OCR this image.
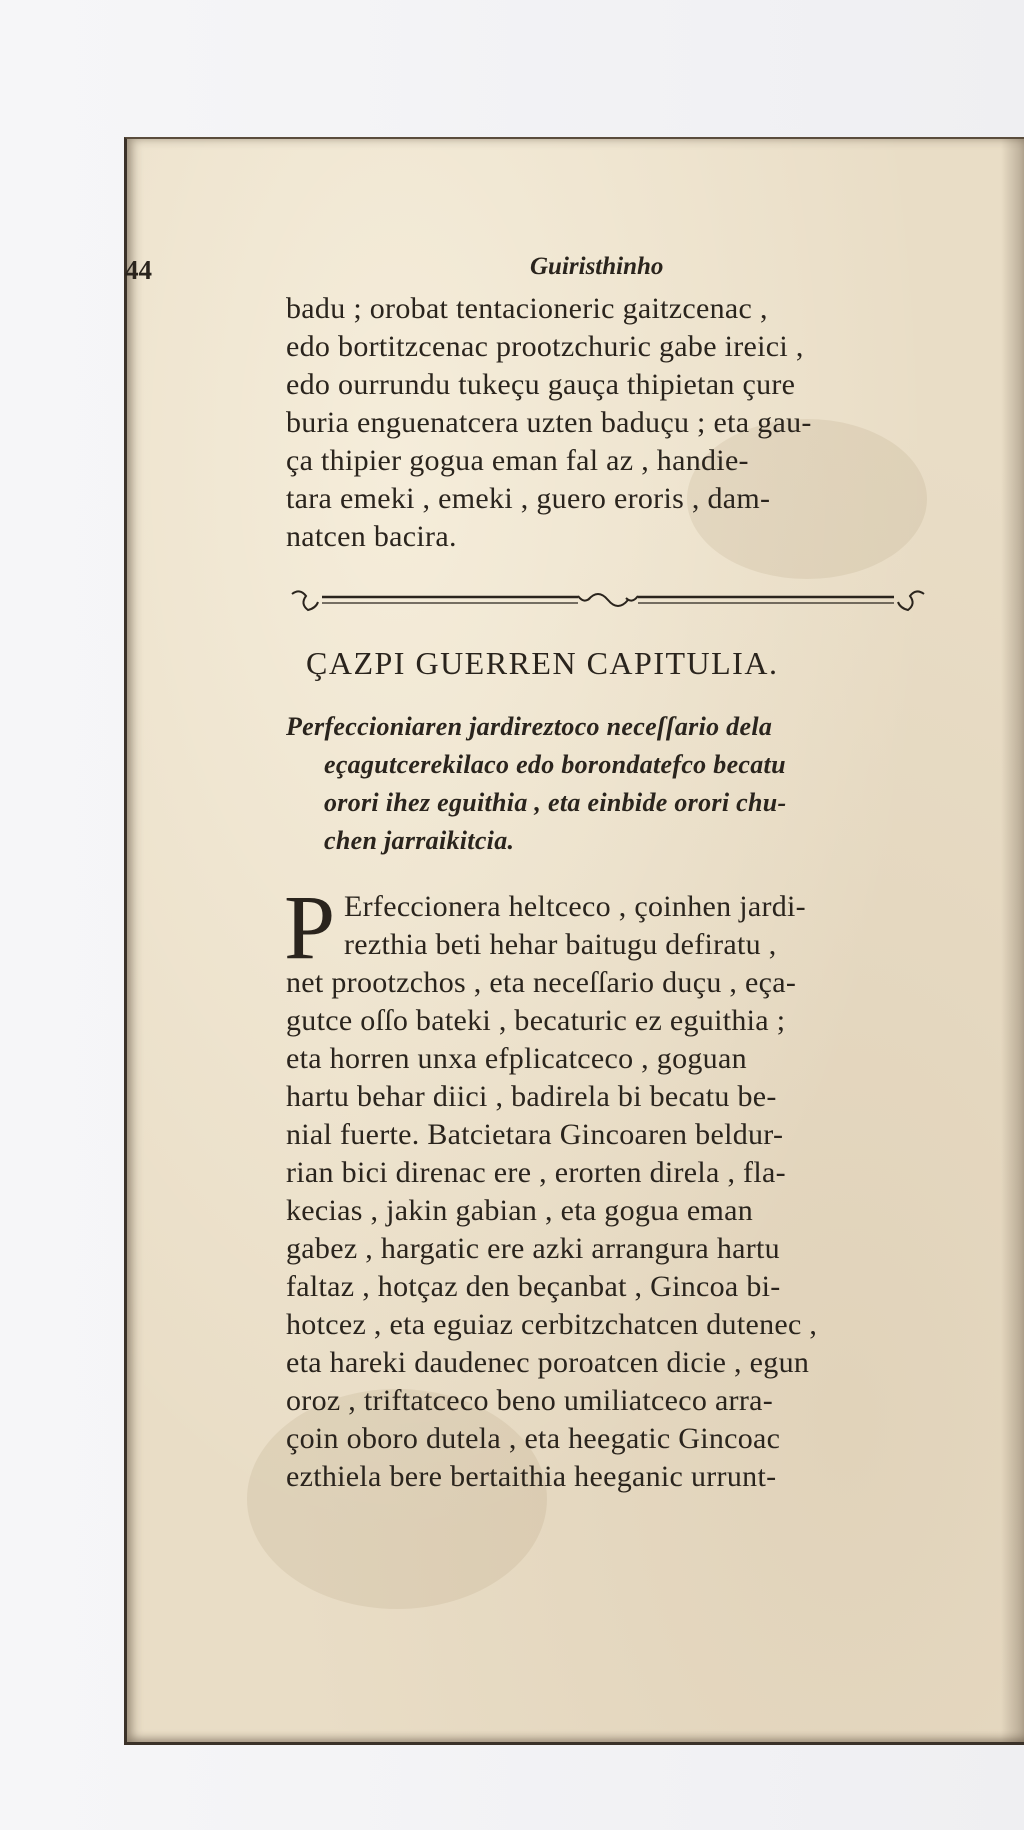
44	Guiristhinho
badu ; orobat tentacioneric gaitzcenac ,
edo bortitzcenac prootzchuric gabe ireici ,
edo ourrundu tukeçu gauça thipietan çure
buria enguenatcera uzten baduçu ; eta gau-
ça thipier gogua eman fal az , handie-
tara emeki , emeki , guero eroris , dam-
natcen bacira.
ÇAZPI GUERREN CAPITULIA.
Perfeccioniaren jardireztoco neceſſario dela
eçagutcerekilaco edo borondatefco becatu
orori ihez eguithia , eta einbide orori chu-
chen jarraikitcia.
P Erfeccionera heltceco , çoinhen jardi-
rezthia beti hehar baitugu defiratu ,
net prootzchos , eta neceſſario duçu , eça-
gutce oſſo bateki , becaturic ez eguithia ;
eta horren unxa efplicatceco , goguan
hartu behar diici , badirela bi becatu be-
nial fuerte. Batcietara Gincoaren beldur-
rian bici direnac ere , erorten direla , fla-
kecias , jakin gabian , eta gogua eman
gabez , hargatic ere azki arrangura hartu
faltaz , hotçaz den beçanbat , Gincoa bi-
hotcez , eta eguiaz cerbitzchatcen dutenec ,
eta hareki daudenec poroatcen dicie , egun
oroz , triftatceco beno umiliatceco arra-
çoin oboro dutela , eta heegatic Gincoac
ezthiela bere bertaithia heeganic urrunt-
